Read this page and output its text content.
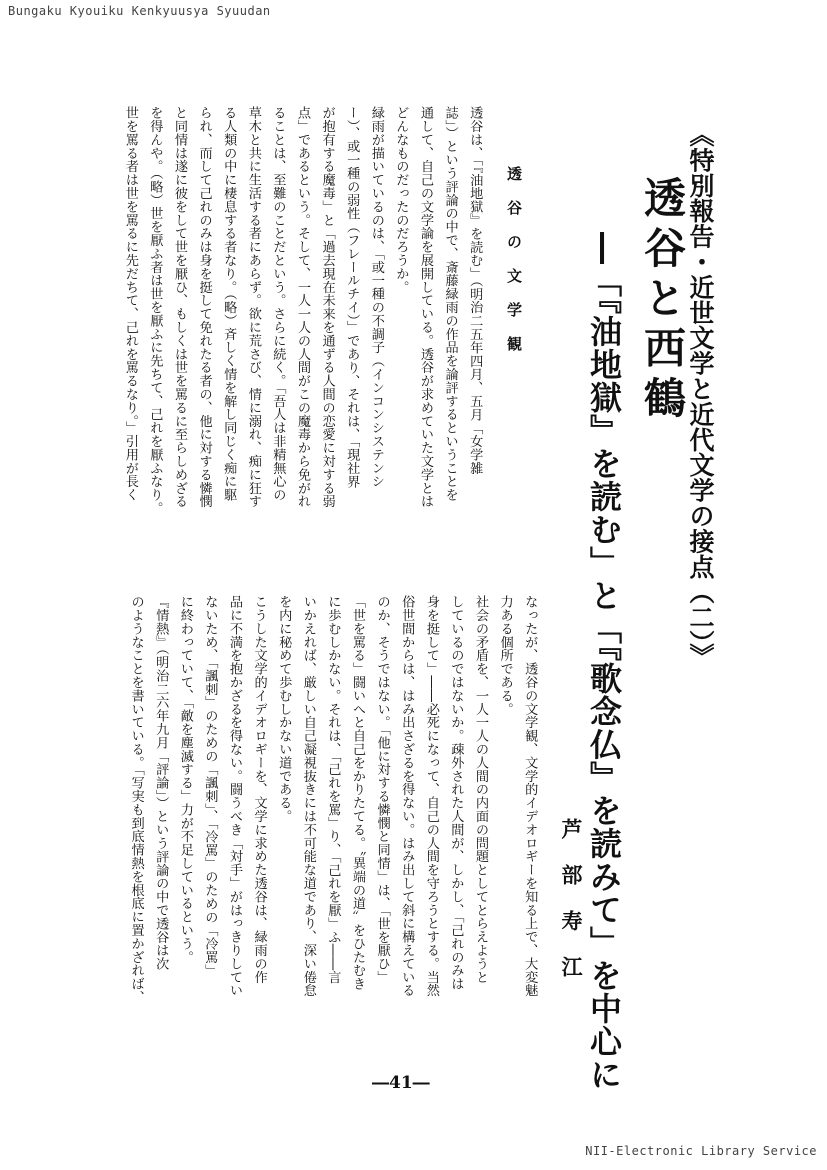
Bungaku Kyouiku Kenkyuusya Syuudan
《特別報告・近世文学と近代文学の接点（二）》
透谷と西鶴
―「『油地獄』を読む」と「『歌念仏』を読みて」を中心に
芦　部　寿　江
透　谷　の　文　学　観
透谷は、「『油地獄』を読む」（明治二五年四月、五月「女学雑
誌」）という評論の中で、斎藤緑雨の作品を論評するということを
通して、自己の文学論を展開している。透谷が求めていた文学とは
どんなものだったのだろうか。
緑雨が描いているのは、「或一種の不調子（インコンシステンシ
ー）、或一種の弱性（フレールチイ）」であり、それは、「現社界
が抱有する魔毒」と「過去現在未来を通ずる人間の恋愛に対する弱
点」であるという。そして、一人一人の人間がこの魔毒から免がれ
ることは、至難のことだという。さらに続く。「吾人は非精無心の
草木と共に生活する者にあらず。欲に荒さび、情に溺れ、痴に狂す
る人類の中に棲息する者なり。（略）斉しく情を解し同じく痴に駆
られ、而して己れのみは身を挺して免れたる者の、他に対する憐憫
と同情は遂に彼をして世を厭ひ、もしくは世を罵るに至らしめざる
を得んや。（略）世を厭ふ者は世を厭ふに先ちて、己れを厭ふなり。
世を罵る者は世を罵るに先だちて、己れを罵るなり。」引用が長く
なったが、透谷の文学観、文学的イデオロギーを知る上で、大変魅
力ある個所である。
社会の矛盾を、一人一人の人間の内面の問題としてとらえようと
しているのではないか。疎外された人間が、しかし、「己れのみは
身を挺して」――必死になって、自己の人間を守ろうとする。当然
俗世間からは、はみ出さざるを得ない。はみ出して斜に構えている
のか、そうではない。「他に対する憐憫と同情」は、「世を厭ひ」
「世を罵る」闘いへと自己をかりたてる。〝異端の道〟をひたむき
に歩むしかない。それは、「己れを罵」り、「己れを厭」ふ――言
いかえれば、厳しい自己凝視抜きには不可能な道であり、深い倦怠
を内に秘めて歩むしかない道である。
こうした文学的イデオロギーを、文学に求めた透谷は、緑雨の作
品に不満を抱かざるを得ない。闘うべき「対手」がはっきりしてい
ないため、「諷刺」のための「諷刺」、「冷罵」のための「冷罵」
に終わっていて、「敵を塵滅する」力が不足しているという。
『情熱』（明治二六年九月「評論」）という評論の中で透谷は次
のようなことを書いている。「写実も到底情熱を根底に置かざれば、
―41―
NII-Electronic Library Service
